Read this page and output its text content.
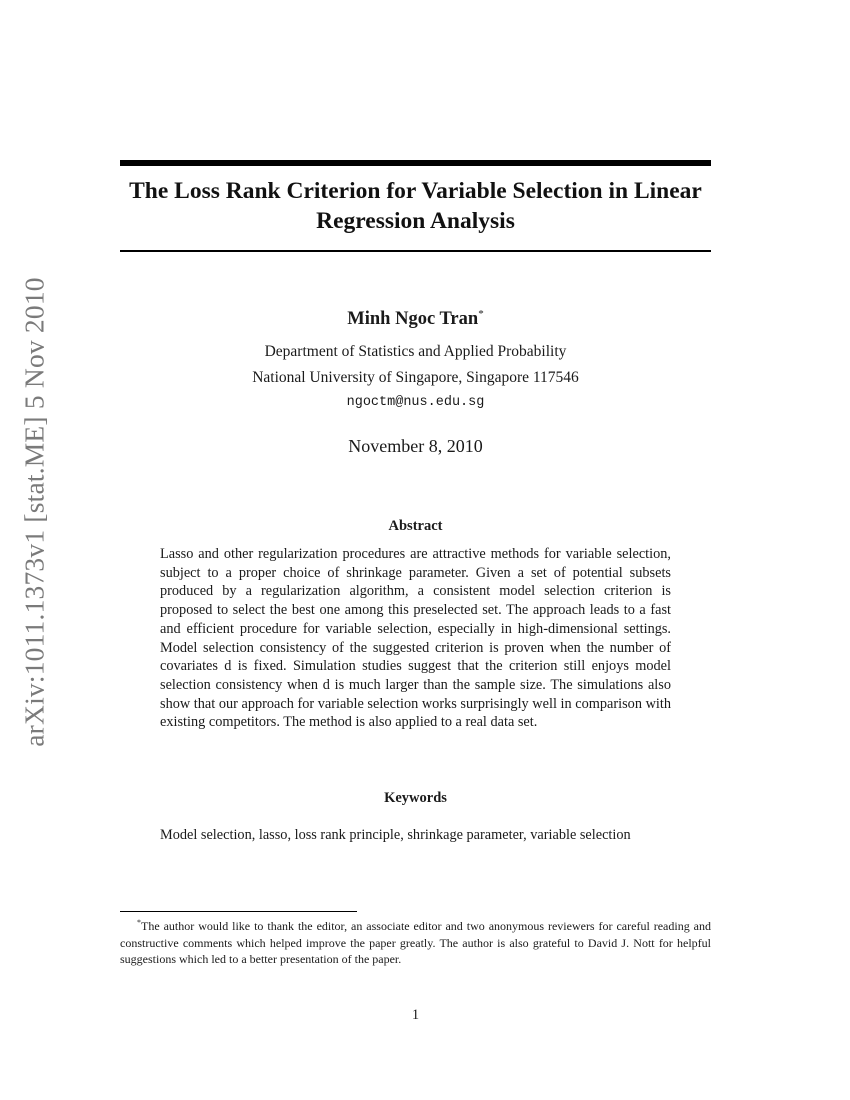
arXiv:1011.1373v1 [stat.ME] 5 Nov 2010
The Loss Rank Criterion for Variable Selection in Linear Regression Analysis
Minh Ngoc Tran*
Department of Statistics and Applied Probability
National University of Singapore, Singapore 117546
ngoctm@nus.edu.sg
November 8, 2010
Abstract

Lasso and other regularization procedures are attractive methods for variable selection, subject to a proper choice of shrinkage parameter. Given a set of potential subsets produced by a regularization algorithm, a consistent model selection criterion is proposed to select the best one among this preselected set. The approach leads to a fast and efficient procedure for variable selection, especially in high-dimensional settings. Model selection consistency of the suggested criterion is proven when the number of covariates d is fixed. Simulation studies suggest that the criterion still enjoys model selection consistency when d is much larger than the sample size. The simulations also show that our approach for variable selection works surprisingly well in comparison with existing competitors. The method is also applied to a real data set.

Keywords

Model selection, lasso, loss rank principle, shrinkage parameter, variable selection

*The author would like to thank the editor, an associate editor and two anonymous reviewers for careful reading and constructive comments which helped improve the paper greatly. The author is also grateful to David J. Nott for helpful suggestions which led to a better presentation of the paper.

1
